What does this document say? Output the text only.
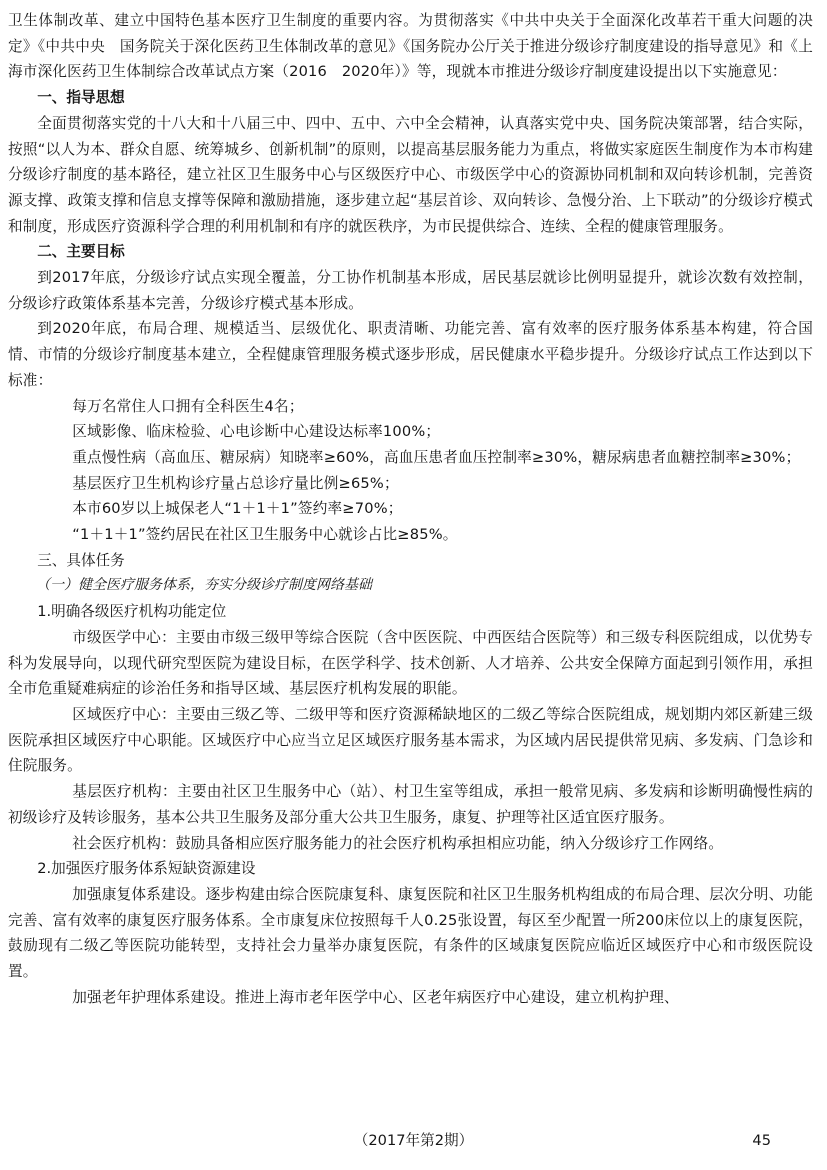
卫生体制改革、建立中国特色基本医疗卫生制度的重要内容。为贯彻落实《中共中央关于全面深化改革若干重大问题的决定》《中共中央　国务院关于深化医药卫生体制改革的意见》《国务院办公厅关于推进分级诊疗制度建设的指导意见》和《上海市深化医药卫生体制综合改革试点方案（2016　2020年）》等，现就本市推进分级诊疗制度建设提出以下实施意见：

一、指导思想

全面贯彻落实党的十八大和十八届三中、四中、五中、六中全会精神，认真落实党中央、国务院决策部署，结合实际，按照“以人为本、群众自愿、统筹城乡、创新机制”的原则，以提高基层服务能力为重点，将做实家庭医生制度作为本市构建分级诊疗制度的基本路径，建立社区卫生服务中心与区级医疗中心、市级医学中心的资源协同机制和双向转诊机制，完善资源支撑、政策支撑和信息支撑等保障和激励措施，逐步建立起“基层首诊、双向转诊、急慢分治、上下联动”的分级诊疗模式和制度，形成医疗资源科学合理的利用机制和有序的就医秩序，为市民提供综合、连续、全程的健康管理服务。

二、主要目标

到2017年底，分级诊疗试点实现全覆盖，分工协作机制基本形成，居民基层就诊比例明显提升，就诊次数有效控制，分级诊疗政策体系基本完善，分级诊疗模式基本形成。

到2020年底，布局合理、规模适当、层级优化、职责清晰、功能完善、富有效率的医疗服务体系基本构建，符合国情、市情的分级诊疗制度基本建立，全程健康管理服务模式逐步形成，居民健康水平稳步提升。分级诊疗试点工作达到以下标准：

每万名常住人口拥有全科医生4名；

区域影像、临床检验、心电诊断中心建设达标率100%；

重点慢性病（高血压、糖尿病）知晓率≥60%，高血压患者血压控制率≥30%，糖尿病患者血糖控制率≥30%；

基层医疗卫生机构诊疗量占总诊疗量比例≥65%；

本市60岁以上城保老人“1＋1＋1”签约率≥70%；

“1＋1＋1”签约居民在社区卫生服务中心就诊占比≥85%。

三、具体任务

（一）健全医疗服务体系，夯实分级诊疗制度网络基础

1.明确各级医疗机构功能定位

市级医学中心：主要由市级三级甲等综合医院（含中医医院、中西医结合医院等）和三级专科医院组成，以优势专科为发展导向，以现代研究型医院为建设目标，在医学科学、技术创新、人才培养、公共安全保障方面起到引领作用，承担全市危重疑难病症的诊治任务和指导区域、基层医疗机构发展的职能。

区域医疗中心：主要由三级乙等、二级甲等和医疗资源稀缺地区的二级乙等综合医院组成，规划期内郊区新建三级医院承担区域医疗中心职能。区域医疗中心应当立足区域医疗服务基本需求，为区域内居民提供常见病、多发病、门急诊和住院服务。

基层医疗机构：主要由社区卫生服务中心（站）、村卫生室等组成，承担一般常见病、多发病和诊断明确慢性病的初级诊疗及转诊服务，基本公共卫生服务及部分重大公共卫生服务，康复、护理等社区适宜医疗服务。

社会医疗机构：鼓励具备相应医疗服务能力的社会医疗机构承担相应功能，纳入分级诊疗工作网络。

2.加强医疗服务体系短缺资源建设

加强康复体系建设。逐步构建由综合医院康复科、康复医院和社区卫生服务机构组成的布局合理、层次分明、功能完善、富有效率的康复医疗服务体系。全市康复床位按照每千人0.25张设置，每区至少配置一所200床位以上的康复医院，鼓励现有二级乙等医院功能转型，支持社会力量举办康复医院，有条件的区域康复医院应临近区域医疗中心和市级医院设置。

加强老年护理体系建设。推进上海市老年医学中心、区老年病医疗中心建设，建立机构护理、

（2017年第2期）	45
